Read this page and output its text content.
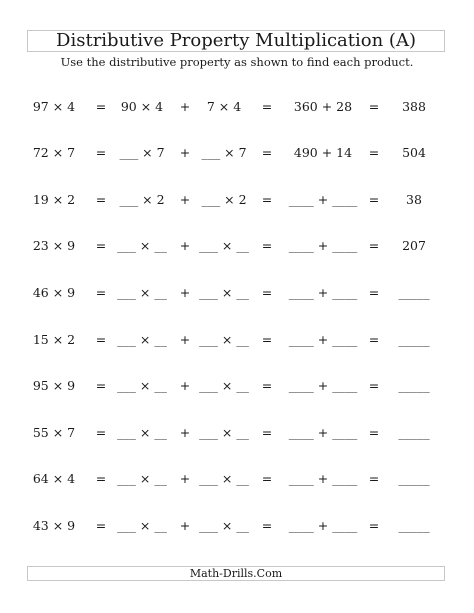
Distributive Property Multiplication (A)
Use the distributive property as shown to find each product.
97 × 4	=	90 × 4	+	7 × 4	=	360 + 28	=	388
72 × 7	= ___ × 7 + ___ × 7 =	490 + 14	=	504
19 × 2	= ___ × 2 + ___ × 2 =	____ + ____ =	38
23 × 9	= ___ × __ + ___ × __ =	____ + ____ =	207
46 × 9	= ___ × __ + ___ × __ =	____ + ____ =	_____
15 × 2	= ___ × __ + ___ × __ =	____ + ____ =	_____
95 × 9	= ___ × __ + ___ × __ =	____ + ____ =	_____
55 × 7	= ___ × __ + ___ × __ =	____ + ____ =	_____
64 × 4	= ___ × __ + ___ × __ =	____ + ____ =	_____
43 × 9	= ___ × __ + ___ × __ =	____ + ____ =	_____
Math-Drills.Com
